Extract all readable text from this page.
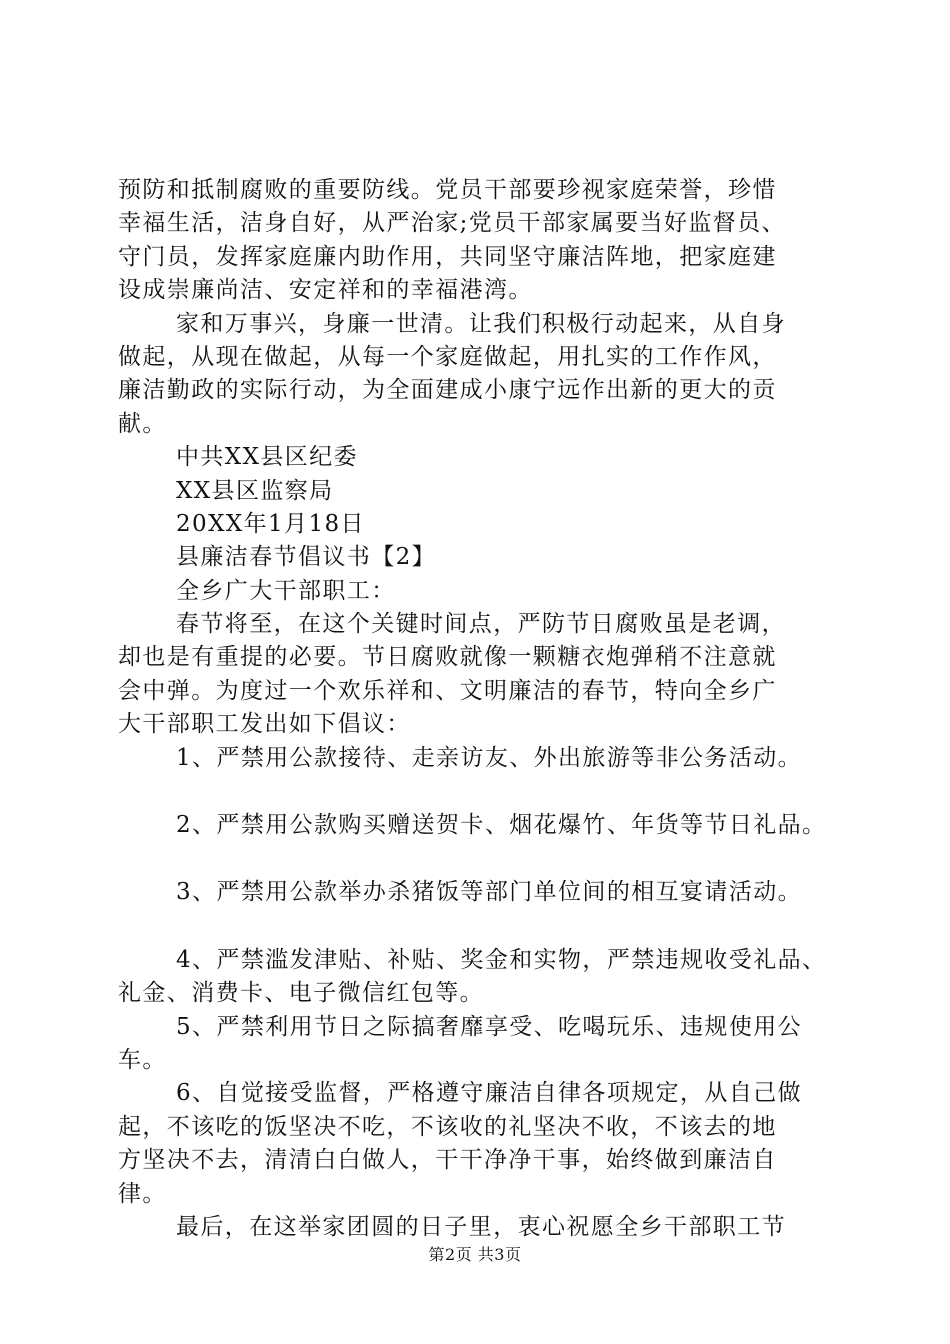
预防和抵制腐败的重要防线。党员干部要珍视家庭荣誉，珍惜
幸福生活，洁身自好，从严治家;党员干部家属要当好监督员、
守门员，发挥家庭廉内助作用，共同坚守廉洁阵地，把家庭建
设成崇廉尚洁、安定祥和的幸福港湾。
家和万事兴，身廉一世清。让我们积极行动起来，从自身
做起，从现在做起，从每一个家庭做起，用扎实的工作作风，
廉洁勤政的实际行动，为全面建成小康宁远作出新的更大的贡
献。
中共XX县区纪委
XX县区监察局
20XX年1月18日
县廉洁春节倡议书【2】
全乡广大干部职工：
春节将至，在这个关键时间点，严防节日腐败虽是老调，
却也是有重提的必要。节日腐败就像一颗糖衣炮弹稍不注意就
会中弹。为度过一个欢乐祥和、文明廉洁的春节，特向全乡广
大干部职工发出如下倡议：
1、严禁用公款接待、走亲访友、外出旅游等非公务活动。
2、严禁用公款购买赠送贺卡、烟花爆竹、年货等节日礼品。
3、严禁用公款举办杀猪饭等部门单位间的相互宴请活动。
4、严禁滥发津贴、补贴、奖金和实物，严禁违规收受礼品、
礼金、消费卡、电子微信红包等。
5、严禁利用节日之际搞奢靡享受、吃喝玩乐、违规使用公
车。
6、自觉接受监督，严格遵守廉洁自律各项规定，从自己做
起，不该吃的饭坚决不吃，不该收的礼坚决不收，不该去的地
方坚决不去，清清白白做人，干干净净干事，始终做到廉洁自
律。
最后，在这举家团圆的日子里，衷心祝愿全乡干部职工节
第2页 共3页
